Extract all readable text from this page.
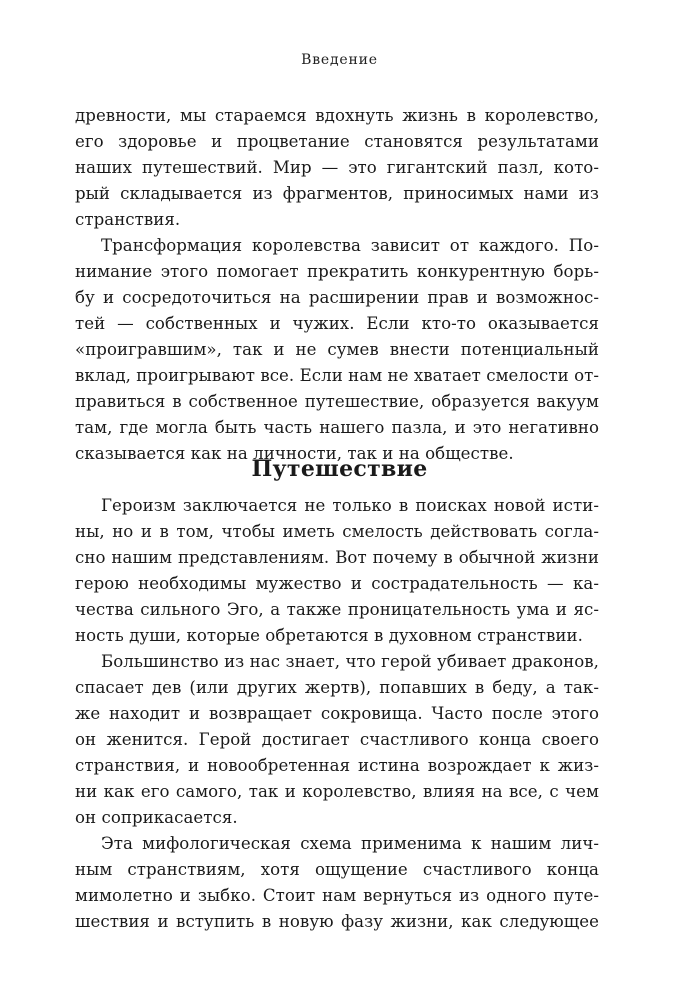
Введение
древности, мы стараемся вдохнуть жизнь в королевство,
его здоровье и процветание становятся результатами
наших путешествий. Мир — это гигантский пазл, кото-
рый складывается из фрагментов, приносимых нами из
странствия.
Трансформация королевства зависит от каждого. По-
нимание этого помогает прекратить конкурентную борь-
бу и сосредоточиться на расширении прав и возможнос-
тей — собственных и чужих. Если кто-то оказывается
«проигравшим», так и не сумев внести потенциальный
вклад, проигрывают все. Если нам не хватает смелости от-
правиться в собственное путешествие, образуется вакуум
там, где могла быть часть нашего пазла, и это негативно
сказывается как на личности, так и на обществе.
Путешествие
Героизм заключается не только в поисках новой исти-
ны, но и в том, чтобы иметь смелость действовать согла-
сно нашим представлениям. Вот почему в обычной жизни
герою необходимы мужество и сострадательность — ка-
чества сильного Эго, а также проницательность ума и яс-
ность души, которые обретаются в духовном странствии.
Большинство из нас знает, что герой убивает драконов,
спасает дев (или других жертв), попавших в беду, а так-
же находит и возвращает сокровища. Часто после этого
он женится. Герой достигает счастливого конца своего
странствия, и новообретенная истина возрождает к жиз-
ни как его самого, так и королевство, влияя на все, с чем
он соприкасается.
Эта мифологическая схема применима к нашим лич-
ным странствиям, хотя ощущение счастливого конца
мимолетно и зыбко. Стоит нам вернуться из одного путе-
шествия и вступить в новую фазу жизни, как следующее
